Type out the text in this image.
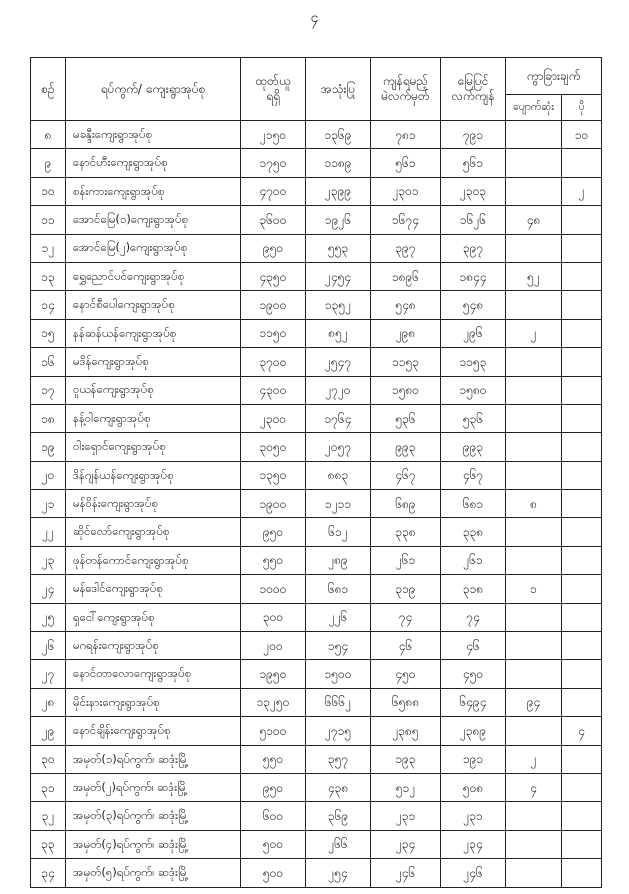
၄
စဉ်	ရပ်ကွက်/ ကျေးရွာအုပ်စု

ထုတ်ယူ
ရရှိ

အသုံးပြု

ကျန်ရမည့်
မဲလက်မှတ်

မြေပြင်
လက်ကျန်

ကွာခြားချက်

						ပျောက်ဆုံး	ပို

၈	မခန္ဒီးကျေးရွာအုပ်စု	၂၁၅၀	၁၃၆၉	၇၈၁	၇၉၁		၁၀
၉	နောင်ဟီးကျေးရွာအုပ်စု	၁၇၅၀	၁၁၈၉	၅၆၁	၅၆၁		
၁၀	စန်းကားကျေးရွာအုပ်စု	၄၇၀၀	၂၃၉၉	၂၃၀၁	၂၃၀၃		၂
၁၁	အောင်မြေ(၁)ကျေးရွာအုပ်စု	၃၆၀၀	၁၉၂၆	၁၆၇၄	၁၆၂၆	၄၈	
၁၂	အောင်မြေ(၂)ကျေးရွာအုပ်စု	၉၅၀	၅၅၃	၃၉၇	၃၉၇		
၁၃	ရွှေညောင်ပင်ကျေးရွာအုပ်စု	၄၃၅၀	၂၄၅၄	၁၈၉၆	၁၈၄၄	၅၂	
၁၄	နောင်စီပေါကျေးရွာအုပ်စု	၁၉၀၀	၁၃၅၂	၅၄၈	၅၄၈		
၁၅	နန်ဆန်ယန်ကျေးရွာအုပ်စု	၁၁၅၀	၈၅၂	၂၉၈	၂၉၆	၂	
၁၆	မဒိန်ကျေးရွာအုပ်စု	၃၇၀၀	၂၅၄၇	၁၁၅၃	၁၁၅၃		
၁၇	ဝူယန်ကျေးရွာအုပ်စု	၄၃၀၀	၂၇၂၀	၁၅၈၀	၁၅၈၀		
၁၈	နန့်ဝါကျေးရွာအုပ်စု	၂၃၀၀	၁၇၆၄	၅၃၆	၅၃၆		
၁၉	ဝါးရှောင်ကျေးရွာအုပ်စု	၃၀၅၀	၂၀၅၇	၉၉၃	၉၉၃		
၂၀	ဒိန်ဂျန်ယန်ကျေးရွာအုပ်စု	၁၃၅၀	၈၈၃	၄၆၇	၄၆၇		
၂၁	မန်ဝိန်းကျေးရွာအုပ်စု	၁၉၀၀	၁၂၁၁	၆၈၉	၆၈၁	၈	
၂၂	ဆိုင်လော်ကျေးရွာအုပ်စု	၉၅၀	၆၁၂	၃၃၈	၃၃၈		
၂၃	ဖုန်တန်ကောင်ကျေးရွာအုပ်စု	၅၅၀	၂၈၉	၂၆၁	၂၆၁		
၂၄	မန်ဒေါင်ကျေးရွာအုပ်စု	၁၀၀၀	၆၈၁	၃၁၉	၃၁၈	၁	
၂၅	ရှငေါ်ကျေးရွာအုပ်စု	၃၀၀	၂၂၆	၇၄	၇၄		
၂၆	မဂရန်းကျေးရွာအုပ်စု	၂၀၀	၁၅၄	၄၆	၄၆		
၂၇	နောင်တာလောကျေးရွာအုပ်စု	၁၉၅၀	၁၅၀၀	၄၅၀	၄၅၀		
၂၈	မိုင်းနားကျေးရွာအုပ်စု	၁၃၂၅၀	၆၆၆၂	၆၅၈၈	၆၄၉၄	၉၄	
၂၉	နောင်ချိန်းကျေးရွာအုပ်စု	၅၁၀၀	၂၇၁၅	၂၃၈၅	၂၃၈၉		၄
၃၀	အမှတ်(၁)ရပ်ကွက်၊ ဆဒုံးမြို့	၅၅၀	၃၅၇	၁၉၃	၁၉၁	၂	
၃၁	အမှတ်(၂)ရပ်ကွက်၊ ဆဒုံးမြို့	၉၅၀	၄၃၈	၅၁၂	၅၀၈	၄	
၃၂	အမှတ်(၃)ရပ်ကွက်၊ ဆဒုံးမြို့	၆၀၀	၃၆၉	၂၃၁	၂၃၁		
၃၃	အမှတ်(၄)ရပ်ကွက်၊ ဆဒုံးမြို့	၅၀၀	၂၆၆	၂၃၄	၂၃၄		
၃၄	အမှတ်(၅)ရပ်ကွက်၊ ဆဒုံးမြို့	၅၀၀	၂၅၄	၂၄၆	၂၄၆		
